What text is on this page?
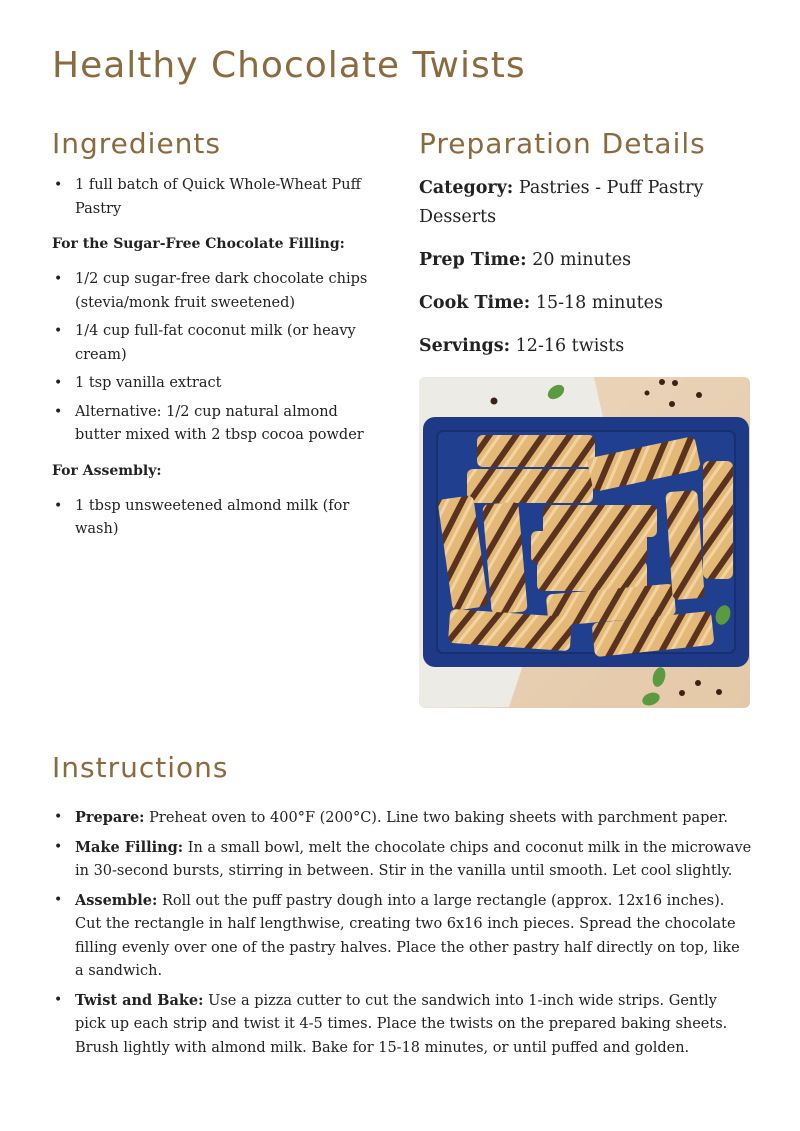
Healthy Chocolate Twists
Ingredients
• 1 full batch of Quick Whole-Wheat Puff Pastry
For the Sugar-Free Chocolate Filling:
• 1/2 cup sugar-free dark chocolate chips (stevia/monk fruit sweetened)
• 1/4 cup full-fat coconut milk (or heavy cream)
• 1 tsp vanilla extract
• Alternative: 1/2 cup natural almond butter mixed with 2 tbsp cocoa powder
For Assembly:
• 1 tbsp unsweetened almond milk (for wash)
Preparation Details

Category: Pastries - Puff Pastry Desserts

Prep Time: 20 minutes

Cook Time: 15-18 minutes

Servings: 12-16 twists

Instructions
• Prepare: Preheat oven to 400°F (200°C). Line two baking sheets with parchment paper.
• Make Filling: In a small bowl, melt the chocolate chips and coconut milk in the microwave in 30-second bursts, stirring in between. Stir in the vanilla until smooth. Let cool slightly.
• Assemble: Roll out the puff pastry dough into a large rectangle (approx. 12x16 inches). Cut the rectangle in half lengthwise, creating two 6x16 inch pieces. Spread the chocolate filling evenly over one of the pastry halves. Place the other pastry half directly on top, like a sandwich.
• Twist and Bake: Use a pizza cutter to cut the sandwich into 1-inch wide strips. Gently pick up each strip and twist it 4-5 times. Place the twists on the prepared baking sheets. Brush lightly with almond milk. Bake for 15-18 minutes, or until puffed and golden.
